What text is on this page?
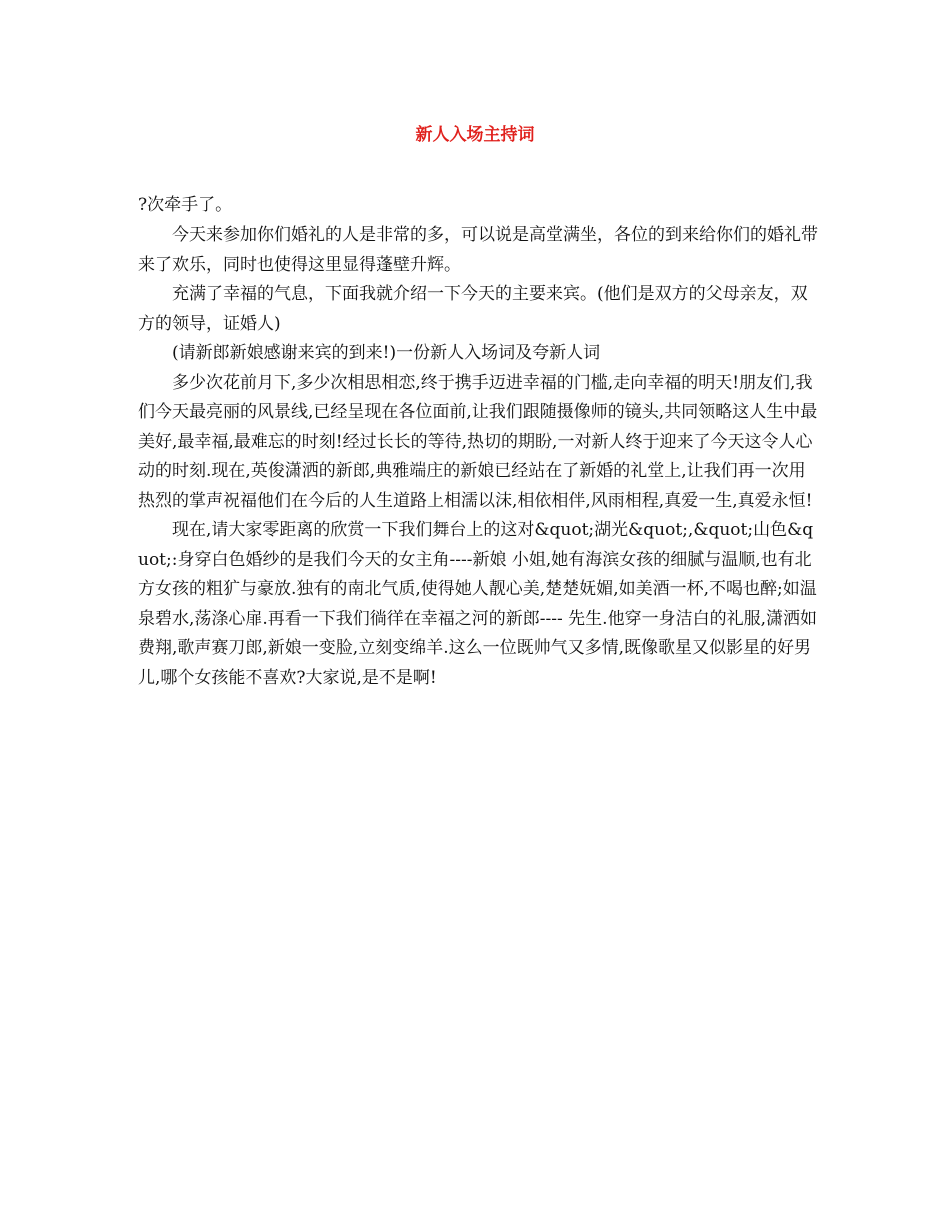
新人入场主持词

?次牵手了。

今天来参加你们婚礼的人是非常的多，可以说是高堂满坐，各位的到来给你们的婚礼带来了欢乐，同时也使得这里显得蓬壁升辉。

充满了幸福的气息，下面我就介绍一下今天的主要来宾。(他们是双方的父母亲友，双方的领导，证婚人)

(请新郎新娘感谢来宾的到来!)一份新人入场词及夸新人词

多少次花前月下,多少次相思相恋,终于携手迈进幸福的门槛,走向幸福的明天!朋友们,我们今天最亮丽的风景线,已经呈现在各位面前,让我们跟随摄像师的镜头,共同领略这人生中最美好,最幸福,最难忘的时刻!经过长长的等待,热切的期盼,一对新人终于迎来了今天这令人心动的时刻.现在,英俊潇洒的新郎,典雅端庄的新娘已经站在了新婚的礼堂上,让我们再一次用热烈的掌声祝福他们在今后的人生道路上相濡以沫,相依相伴,风雨相程,真爱一生,真爱永恒!

现在,请大家零距离的欣赏一下我们舞台上的这对&quot;湖光&quot;,&quot;山色&quot;:身穿白色婚纱的是我们今天的女主角----新娘 小姐,她有海滨女孩的细腻与温顺,也有北方女孩的粗犷与豪放.独有的南北气质,使得她人靓心美,楚楚妩媚,如美酒一杯,不喝也醉;如温泉碧水,荡涤心扉.再看一下我们徜徉在幸福之河的新郎---- 先生.他穿一身洁白的礼服,潇洒如费翔,歌声赛刀郎,新娘一变脸,立刻变绵羊.这么一位既帅气又多情,既像歌星又似影星的好男儿,哪个女孩能不喜欢?大家说,是不是啊!
